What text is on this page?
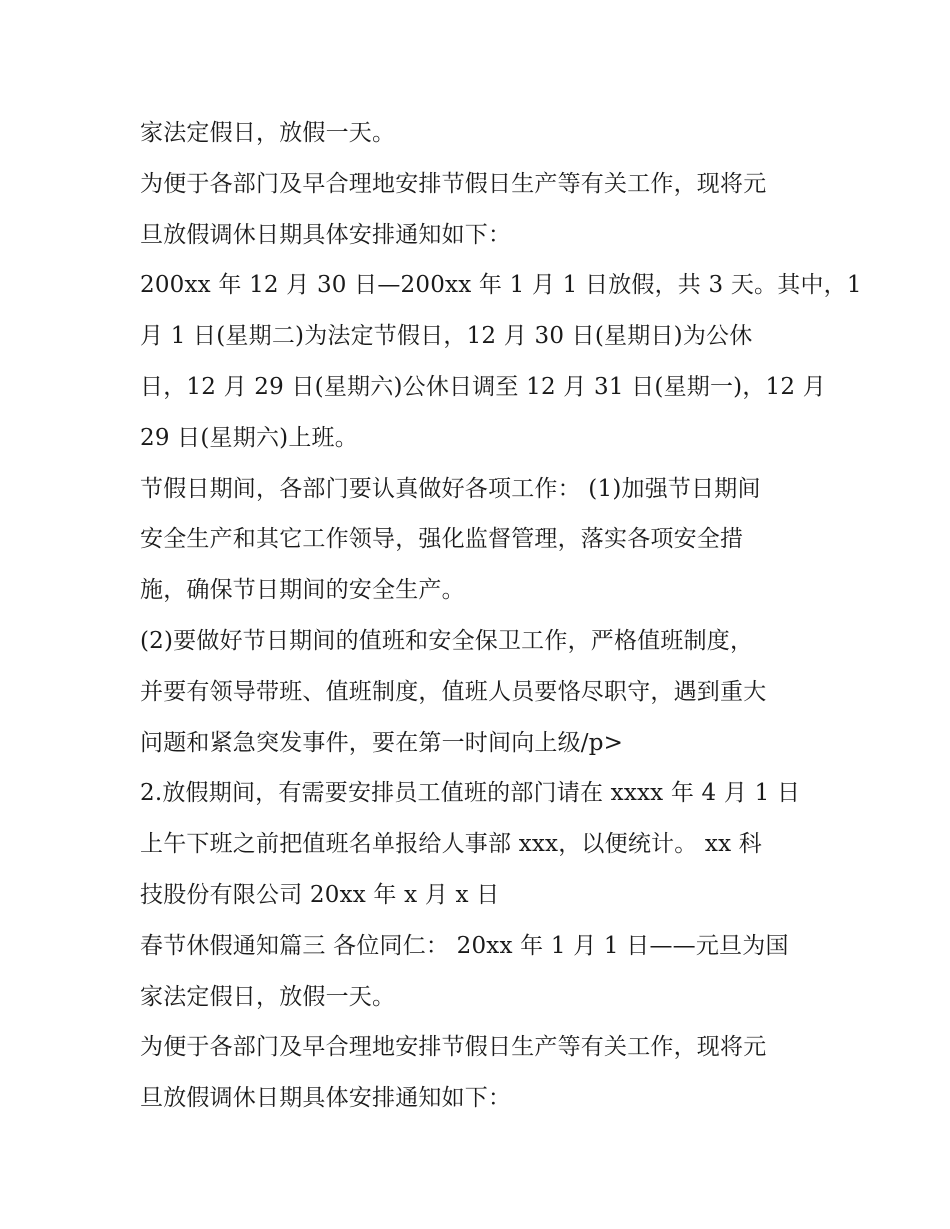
家法定假日，放假一天。
为便于各部门及早合理地安排节假日生产等有关工作，现将元
旦放假调休日期具体安排通知如下：
200xx 年 12 月 30 日—200xx 年 1 月 1 日放假，共 3 天。其中，1
月 1 日(星期二)为法定节假日，12 月 30 日(星期日)为公休
日，12 月 29 日(星期六)公休日调至 12 月 31 日(星期一)，12 月
29 日(星期六)上班。
节假日期间，各部门要认真做好各项工作： (1)加强节日期间
安全生产和其它工作领导，强化监督管理，落实各项安全措
施，确保节日期间的安全生产。
(2)要做好节日期间的值班和安全保卫工作，严格值班制度，
并要有领导带班、值班制度，值班人员要恪尽职守，遇到重大
问题和紧急突发事件，要在第一时间向上级/p>
2.放假期间，有需要安排员工值班的部门请在 xxxx 年 4 月 1 日
上午下班之前把值班名单报给人事部 xxx，以便统计。 xx 科
技股份有限公司 20xx 年 x 月 x 日
春节休假通知篇三 各位同仁： 20xx 年 1 月 1 日——元旦为国
家法定假日，放假一天。
为便于各部门及早合理地安排节假日生产等有关工作，现将元
旦放假调休日期具体安排通知如下：
